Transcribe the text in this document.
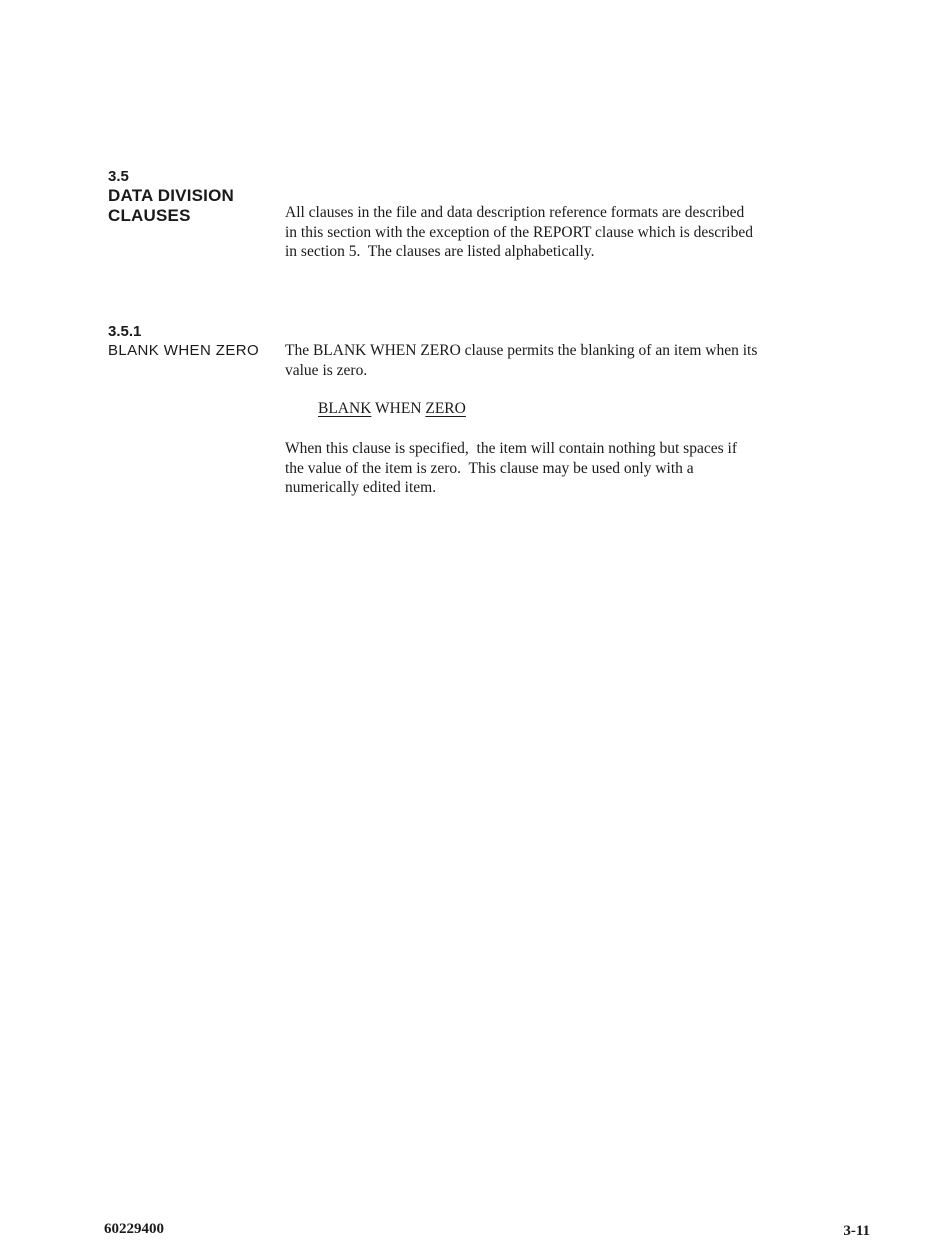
3.5
DATA DIVISION
CLAUSES	All clauses in the file and data description reference formats are described
in this section with the exception of the REPORT clause which is described
in section 5.  The clauses are listed alphabetically.
3.5.1
BLANK WHEN ZERO The BLANK WHEN ZERO clause permits the blanking of an item when its
value is zero.
BLANK WHEN ZERO
When this clause is specified,  the item will contain nothing but spaces if
the value of the item is zero.  This clause may be used only with a
numerically edited item.
60229400	3-11
